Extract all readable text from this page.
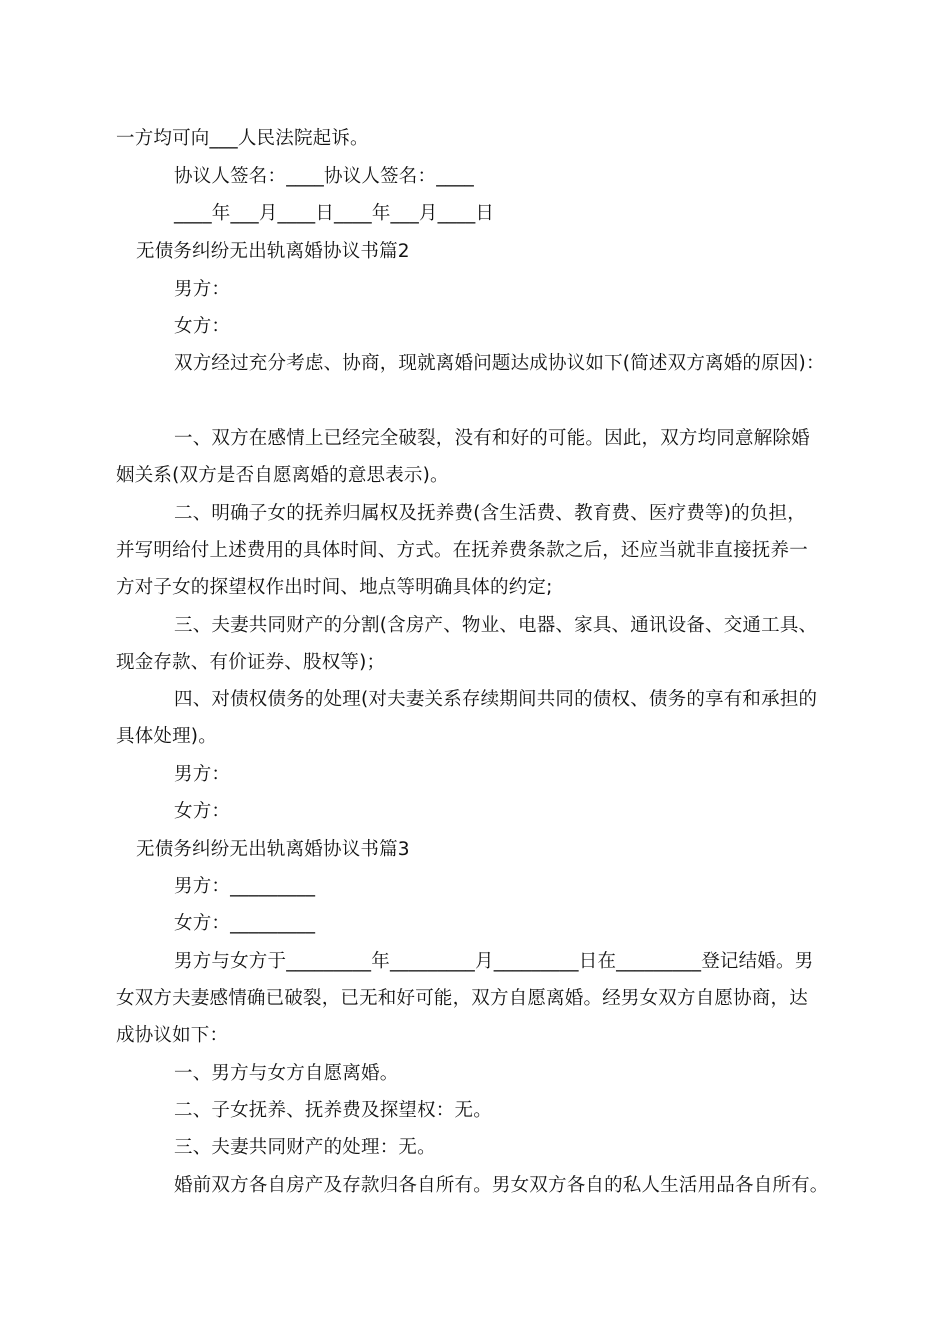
一方均可向___人民法院起诉。
协议人签名：____协议人签名：____
____年___月____日____年___月____日
无债务纠纷无出轨离婚协议书篇2
男方：
女方：
双方经过充分考虑、协商，现就离婚问题达成协议如下(简述双方离婚的原因)：
一、双方在感情上已经完全破裂，没有和好的可能。因此，双方均同意解除婚
姻关系(双方是否自愿离婚的意思表示)。
二、明确子女的抚养归属权及抚养费(含生活费、教育费、医疗费等)的负担，
并写明给付上述费用的具体时间、方式。在抚养费条款之后，还应当就非直接抚养一
方对子女的探望权作出时间、地点等明确具体的约定;
三、夫妻共同财产的分割(含房产、物业、电器、家具、通讯设备、交通工具、
现金存款、有价证券、股权等)；
四、对债权债务的处理(对夫妻关系存续期间共同的债权、债务的享有和承担的
具体处理)。
男方：
女方：
无债务纠纷无出轨离婚协议书篇3
男方：_________
女方：_________
男方与女方于_________年_________月_________日在_________登记结婚。男
女双方夫妻感情确已破裂，已无和好可能，双方自愿离婚。经男女双方自愿协商，达
成协议如下：
一、男方与女方自愿离婚。
二、子女抚养、抚养费及探望权：无。
三、夫妻共同财产的处理：无。
婚前双方各自房产及存款归各自所有。男女双方各自的私人生活用品各自所有。
